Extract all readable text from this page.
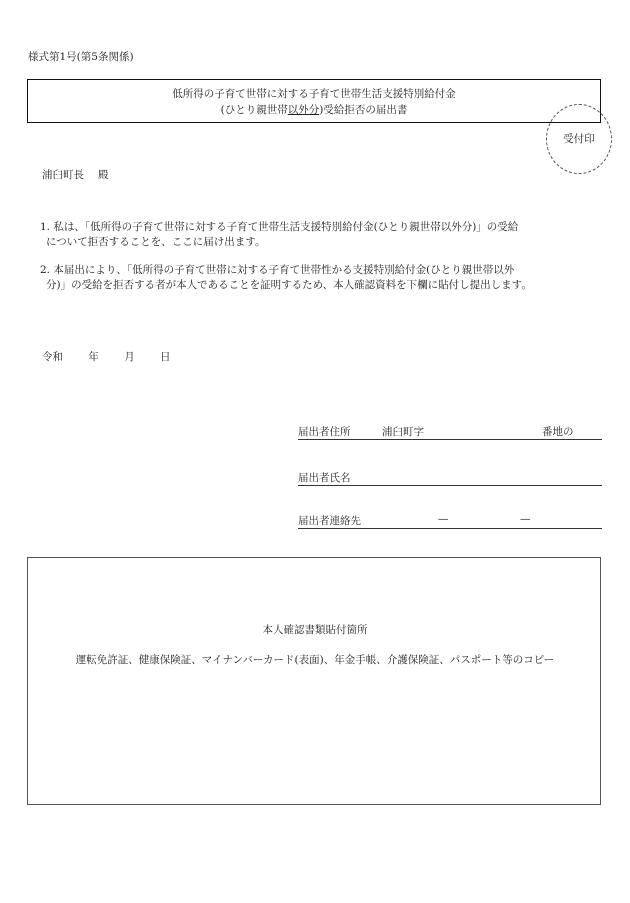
様式第1号(第5条関係)
低所得の子育て世帯に対する子育て世帯生活支援特別給付金
(ひとり親世帯以外分)受給拒否の届出書
受付印
浦臼町長 殿
1. 私は、「低所得の子育て世帯に対する子育て世帯生活支援特別給付金(ひとり親世帯以外分)」の受給
について拒否することを、ここに届け出ます。
2. 本届出により、「低所得の子育て世帯に対する子育て世帯性かる支援特別給付金(ひとり親世帯以外
分)」の受給を拒否する者が本人であることを証明するため、本人確認資料を下欄に貼付し提出します。
令和 年 月 日
届出者住所	浦臼町字	番地の
届出者氏名
届出者連絡先	—	—
本人確認書類貼付箇所
運転免許証、健康保険証、マイナンバーカード(表面)、年金手帳、介護保険証、パスポート等のコピー
